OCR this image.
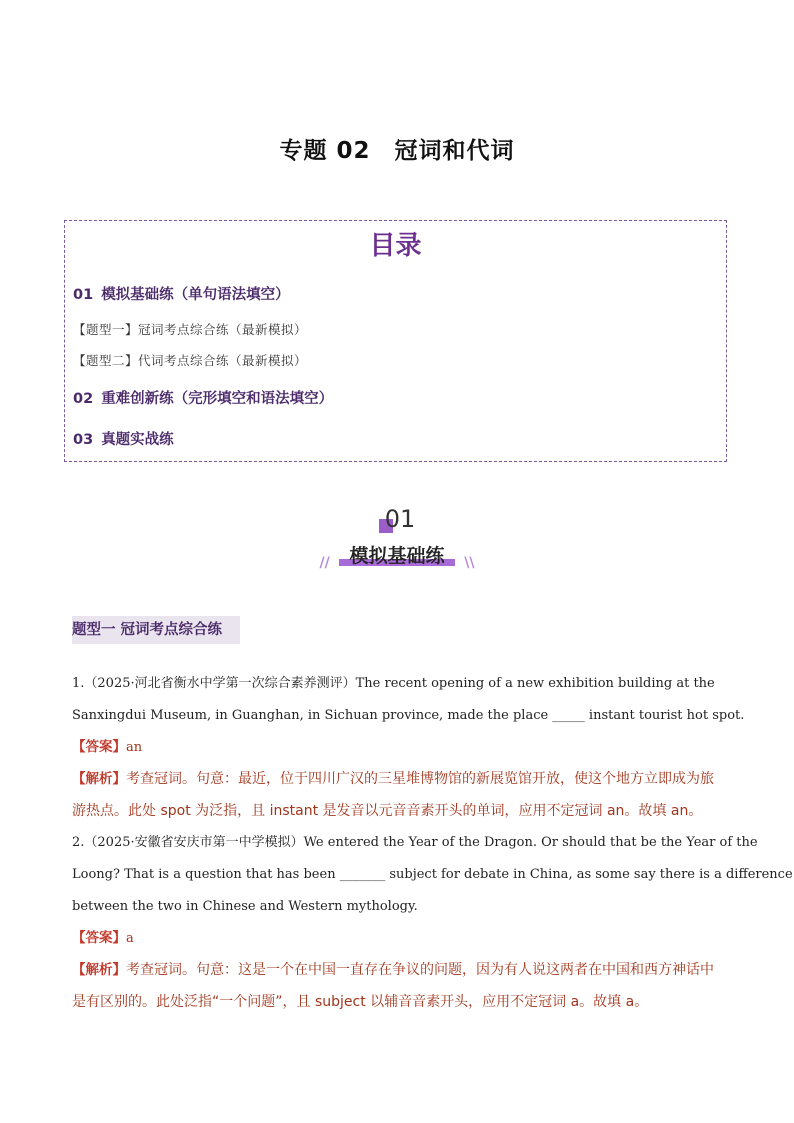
专题 02　冠词和代词
目录
01 模拟基础练（单句语法填空）
【题型一】冠词考点综合练（最新模拟）
【题型二】代词考点综合练（最新模拟）
02 重难创新练（完形填空和语法填空）
03 真题实战练
01
// 模拟基础练 \\
题型一 冠词考点综合练
1.（2025·河北省衡水中学第一次综合素养测评）The recent opening of a new exhibition building at the
Sanxingdui Museum, in Guanghan, in Sichuan province, made the place _____ instant tourist hot spot.
【答案】an
【解析】考查冠词。句意：最近，位于四川广汉的三星堆博物馆的新展览馆开放，使这个地方立即成为旅
游热点。此处 spot 为泛指，且 instant 是发音以元音音素开头的单词，应用不定冠词 an。故填 an。
2.（2025·安徽省安庆市第一中学模拟）We entered the Year of the Dragon. Or should that be the Year of the
Loong? That is a question that has been _______ subject for debate in China, as some say there is a difference
between the two in Chinese and Western mythology.
【答案】a
【解析】考查冠词。句意：这是一个在中国一直存在争议的问题，因为有人说这两者在中国和西方神话中
是有区别的。此处泛指“一个问题”，且 subject 以辅音音素开头，应用不定冠词 a。故填 a。
